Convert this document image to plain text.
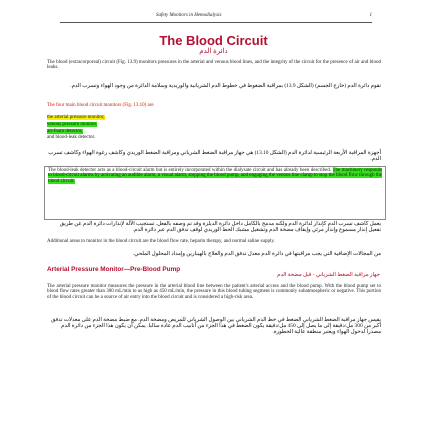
Safety Monitors in Hemodialysis	1
The Blood Circuit
دائرة الدم
The blood (extracorporeal) circuit (Fig. 13.9) monitors pressures in the arterial and venous blood lines, and the integrity of the circuit for the presence of air and blood leaks.
تقوم دائرة الدم (خارج الجسم) (الشكل 13.9) بمراقبة الضغوط في خطوط الدم الشريانية والوريدية وسلامة الدائرة من وجود الهواء وتسرب الدم.
The four main blood circuit monitors (Fig. 13.10) are
the arterial pressure monitor,
venous pressure monitor,
air-foam detector,
and blood-leak detector.
أجهزة المراقبة الأربعة الرئيسية لدائرة الدم (الشكل 13.10) هي جهاز مراقبة الضغط الشرياني ومراقبة الضغط الوريدي وكاشف رغوة الهواء وكاشف تسرب الدم.
The blood-leak detector acts as a blood-circuit alarm but is entirely incorporated within the dialysate circuit and has already been described. The machinery responds to blood-circuit alarms by activating an audible alarm, a visual alarm, stopping the blood pump, and engaging the venous line clamp to stop the blood flow through the blood circuit.
يعمل كاشف تسرب الدم كإنذار لدائرة الدم ولكنه مدمج بالكامل داخل دائرة الديلزة وقد تم وصفه بالفعل. تستجيب الآلة لإنذارات دائرة الدم عن طريق تفعيل إنذار مسموع وإنذار مرئي وإيقاف مضخة الدم وتشغيل مشبك الخط الوريدي لوقف تدفق الدم عبر دائرة الدم.
Additional areas to monitor in the blood circuit are the blood flow rate, heparin therapy, and normal saline supply.
من المجالات الإضافية التي يجب مراقبتها في دائرة الدم معدل تدفق الدم والعلاج بالهيبارين وإمداد المحلول الملحي.
Arterial Pressure Monitor—Pre-Blood Pump
جهاز مراقبة الضغط الشرياني - قبل مضخة الدم
The arterial pressure monitor measures the pressure in the arterial blood line between the patient's arterial access and the blood pump. With the blood pump set to blood flow rates greater than 300 mL/min to as high as 450 mL/min, the pressure in this blood tubing segment is commonly subatmospheric or negative. This portion of the blood circuit can be a source of air entry into the blood circuit and is considered a high-risk area.
يقيس جهاز مراقبة الضغط الشرياني الضغط في خط الدم الشرياني بين الوصول الشرياني للمريض ومضخة الدم. مع ضبط مضخة الدم على معدلات تدفق أكبر من 300 مل/دقيقة إلى ما يصل إلى 450 مل/دقيقة يكون الضغط في هذا الجزء من أنابيب الدم عادة سالبا. يمكن أن يكون هذا الجزء من دائرة الدم مصدرا لدخول الهواء ويعتبر منطقة عالية الخطورة.
